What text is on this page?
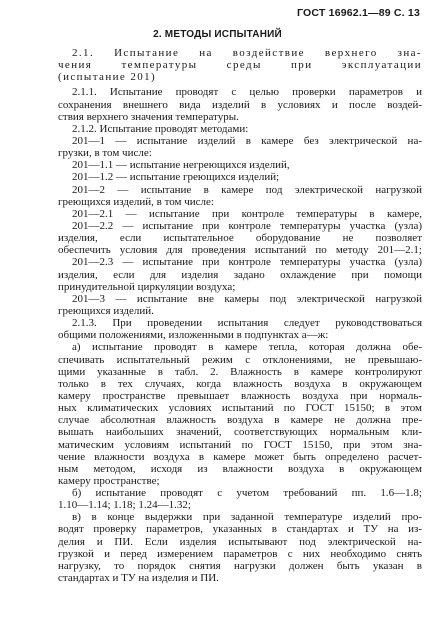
ГОСТ 16962.1—89 С. 13
2. МЕТОДЫ ИСПЫТАНИЙ
2.1. Испытание на воздействие верхнего зна-
чения температуры среды при эксплуатации
(испытание 201)
2.1.1. Испытание проводят с целью проверки параметров и
сохранения внешнего вида изделий в условиях и после воздей-
ствия верхнего значения температуры.
2.1.2. Испытание проводят методами:
201—1 — испытание изделий в камере без электрической на-
грузки, в том числе:
201—1.1 — испытание негреющихся изделий,
201—1.2 — испытание греющихся изделий;
201—2 — испытание в камере под электрической нагрузкой
греющихся изделий, в том числе:
201—2.1 — испытание при контроле температуры в камере,
201—2.2 — испытание при контроле температуры участка (узла)
изделия, если испытательное оборудование не позволяет
обеспечить условия для проведения испытаний по методу 201—2.1;
201—2.3 — испытание при контроле температуры участка (узла)
изделия, если для изделия задано охлаждение при помощи
принудительной циркуляции воздуха;
201—3 — испытание вне камеры под электрической нагрузкой
греющихся изделий.
2.1.3. При проведении испытания следует руководствоваться
общими положениями, изложенными в подпунктах а—ж:
а) испытание проводят в камере тепла, которая должна обе-
спечивать испытательный режим с отклонениями, не превышаю-
щими указанные в табл. 2. Влажность в камере контролируют
только в тех случаях, когда влажность воздуха в окружающем
камеру пространстве превышает влажность воздуха при нормаль-
ных климатических условиях испытаний по ГОСТ 15150; в этом
случае абсолютная влажность воздуха в камере не должна пре-
вышать наибольших значений, соответствующих нормальным кли-
матическим условиям испытаний по ГОСТ 15150, при этом зна-
чение влажности воздуха в камере может быть определено расчет-
ным методом, исходя из влажности воздуха в окружающем
камеру пространстве;
б) испытание проводят с учетом требований пп. 1.6—1.8;
1.10—1.14; 1.18; 1.24—1.32;
в) в конце выдержки при заданной температуре изделий про-
водят проверку параметров, указанных в стандартах и ТУ на из-
делия и ПИ. Если изделия испытывают под электрической на-
грузкой и перед измерением параметров с них необходимо снять
нагрузку, то порядок снятия нагрузки должен быть указан в
стандартах и ТУ на изделия и ПИ.
